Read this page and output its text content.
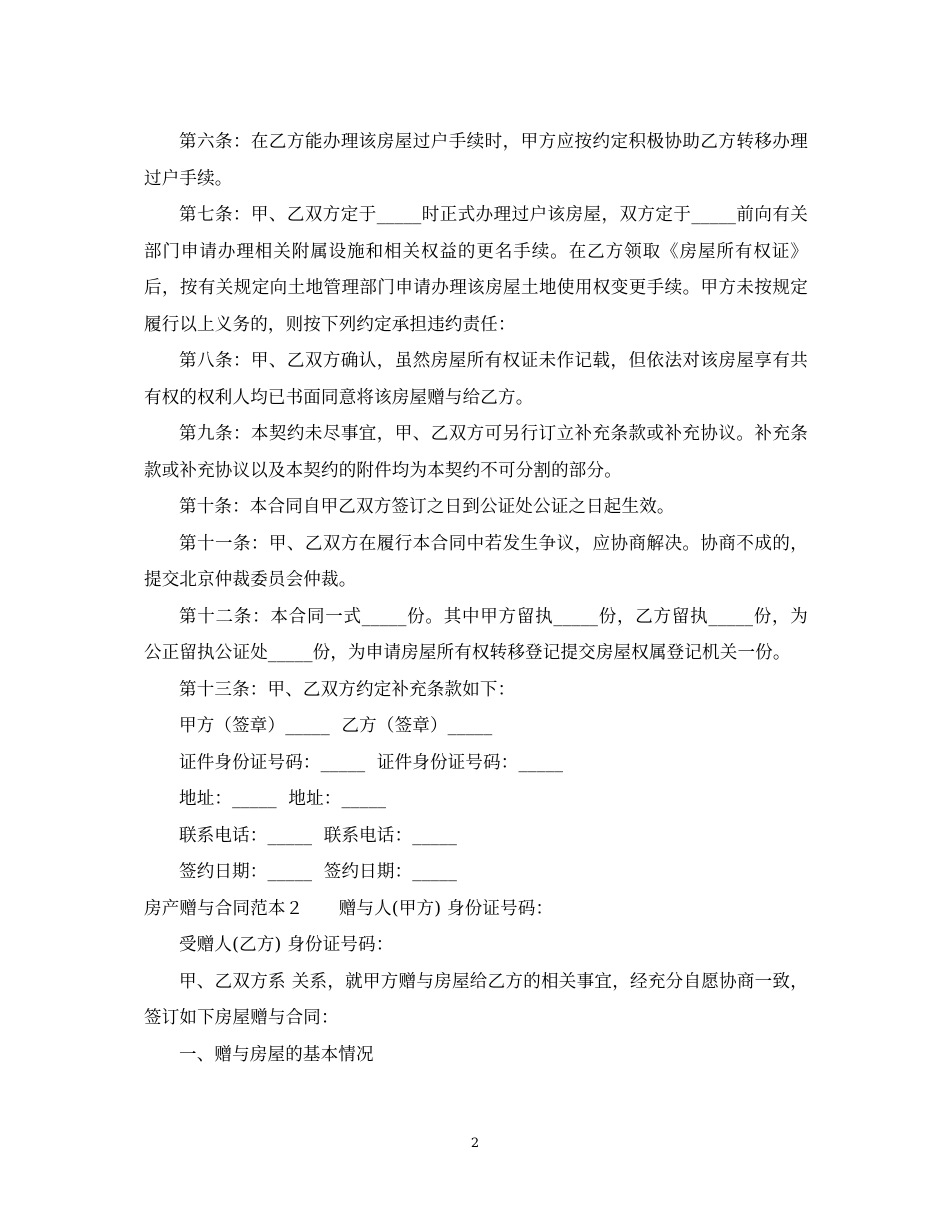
第六条：在乙方能办理该房屋过户手续时，甲方应按约定积极协助乙方转移办理过户手续。

第七条：甲、乙双方定于_____时正式办理过户该房屋，双方定于_____前向有关部门申请办理相关附属设施和相关权益的更名手续。在乙方领取《房屋所有权证》后，按有关规定向土地管理部门申请办理该房屋土地使用权变更手续。甲方未按规定履行以上义务的，则按下列约定承担违约责任：

第八条：甲、乙双方确认，虽然房屋所有权证未作记载，但依法对该房屋享有共有权的权利人均已书面同意将该房屋赠与给乙方。

第九条：本契约未尽事宜，甲、乙双方可另行订立补充条款或补充协议。补充条款或补充协议以及本契约的附件均为本契约不可分割的部分。

第十条：本合同自甲乙双方签订之日到公证处公证之日起生效。

第十一条：甲、乙双方在履行本合同中若发生争议，应协商解决。协商不成的，提交北京仲裁委员会仲裁。

第十二条：本合同一式_____份。其中甲方留执_____份，乙方留执_____份，为公正留执公证处_____份，为申请房屋所有权转移登记提交房屋权属登记机关一份。

第十三条：甲、乙双方约定补充条款如下：

甲方（签章）_____  乙方（签章）_____

证件身份证号码：_____  证件身份证号码：_____

地址：_____  地址：_____

联系电话：_____  联系电话：_____

签约日期：_____  签约日期：_____

房产赠与合同范本２　　赠与人(甲方) 身份证号码：

受赠人(乙方) 身份证号码：

甲、乙双方系 关系，就甲方赠与房屋给乙方的相关事宜，经充分自愿协商一致，签订如下房屋赠与合同：

一、赠与房屋的基本情况

2
